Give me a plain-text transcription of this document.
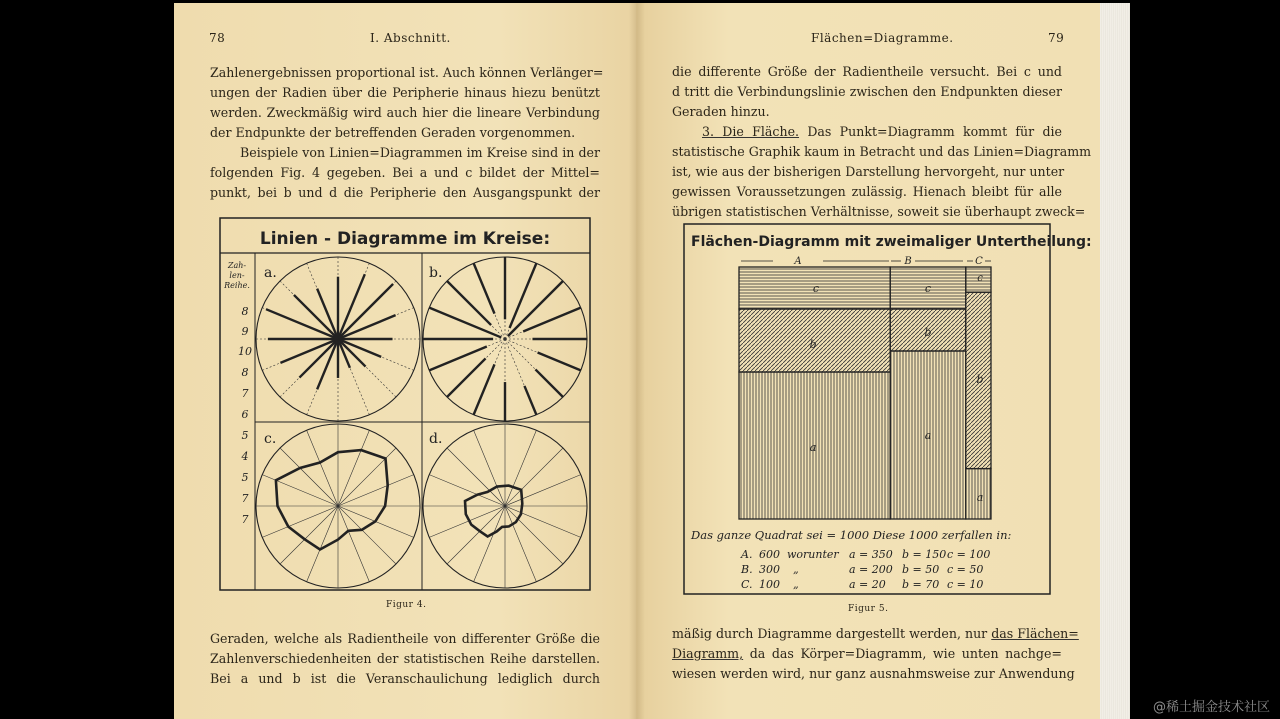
78	I. Abschnitt.
Zahlenergebnissen proportional ist. Auch können Verlänger=
ungen der Radien über die Peripherie hinaus hiezu benützt
werden. Zweckmäßig wird auch hier die lineare Verbindung
der Endpunkte der betreffenden Geraden vorgenommen.
Beispiele von Linien=Diagrammen im Kreise sind in der
folgenden Fig. 4 gegeben. Bei a und c bildet der Mittel=
punkt, bei b und d die Peripherie den Ausgangspunkt der
Linien - Diagramme im Kreise:
Zah-
len-
Reihe.
8
9
10
8
7
6
5
4
5
7
7
a.	b.
c.	d.
Figur 4.
Geraden, welche als Radientheile von differenter Größe die
Zahlenverschiedenheiten der statistischen Reihe darstellen.
Bei a und b ist die Veranschaulichung lediglich durch
Flächen=Diagramme.	79
die differente Größe der Radientheile versucht. Bei c und
d tritt die Verbindungslinie zwischen den Endpunkten dieser
Geraden hinzu.
3. Die Fläche. Das Punkt=Diagramm kommt für die
statistische Graphik kaum in Betracht und das Linien=Diagramm
ist, wie aus der bisherigen Darstellung hervorgeht, nur unter
gewissen Voraussetzungen zulässig. Hienach bleibt für alle
übrigen statistischen Verhältnisse, soweit sie überhaupt zweck=
Flächen-Diagramm mit zweimaliger Untertheilung:
A	B	C
c
b
a
c
b
a
c
b
a
Das ganze Quadrat sei = 1000 Diese 1000 zerfallen in:
A. 600 worunter a = 350 b = 150 c = 100
B. 300 „	a = 200 b = 50 c = 50
C. 100 „	a = 20 b = 70 c = 10
Figur 5.
mäßig durch Diagramme dargestellt werden, nur das Flächen=
Diagramm, da das Körper=Diagramm, wie unten nachge=
wiesen werden wird, nur ganz ausnahmsweise zur Anwendung
@稀土掘金技术社区
